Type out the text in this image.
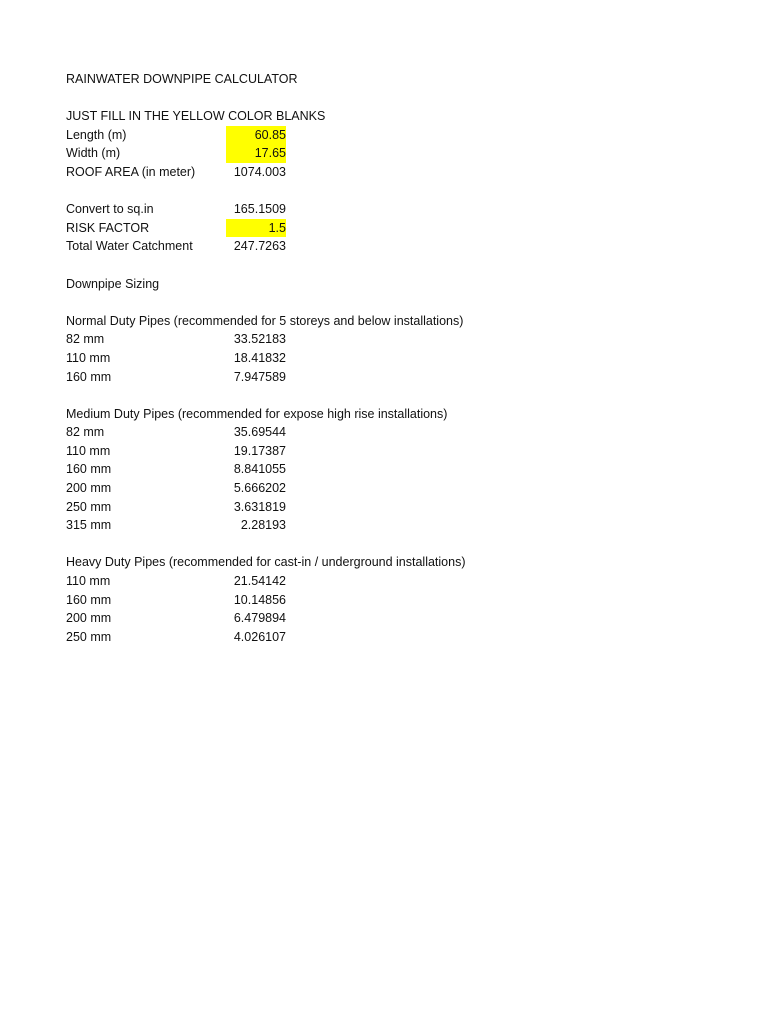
RAINWATER DOWNPIPE CALCULATOR
JUST FILL IN THE YELLOW COLOR BLANKS
Length (m)	60.85
Width (m)	17.65
ROOF AREA (in meter)	1074.003
Convert to sq.in	165.1509
RISK FACTOR	1.5
Total Water Catchment	247.7263
Downpipe Sizing
Normal Duty Pipes (recommended for 5 storeys and below installations)
82 mm	33.52183
110 mm	18.41832
160 mm	7.947589
Medium Duty Pipes (recommended for expose high rise installations)
82 mm	35.69544
110 mm	19.17387
160 mm	8.841055
200 mm	5.666202
250 mm	3.631819
315 mm	2.28193
Heavy Duty Pipes (recommended for cast-in / underground installations)
110 mm	21.54142
160 mm	10.14856
200 mm	6.479894
250 mm	4.026107
